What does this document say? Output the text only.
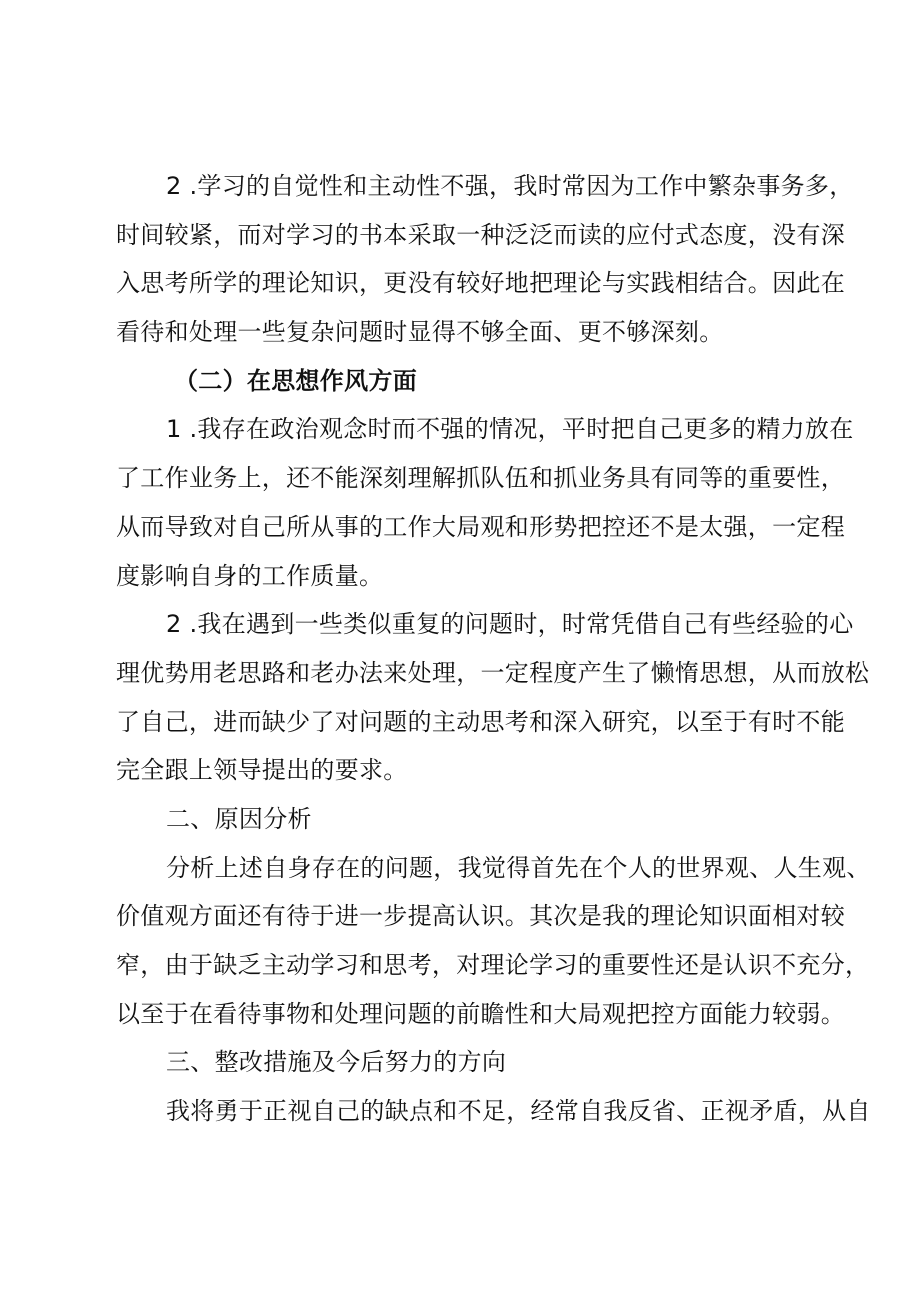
2 .学习的自觉性和主动性不强，我时常因为工作中繁杂事务多，
时间较紧，而对学习的书本采取一种泛泛而读的应付式态度，没有深
入思考所学的理论知识，更没有较好地把理论与实践相结合。因此在
看待和处理一些复杂问题时显得不够全面、更不够深刻。
（二）在思想作风方面
1 .我存在政治观念时而不强的情况，平时把自己更多的精力放在
了工作业务上，还不能深刻理解抓队伍和抓业务具有同等的重要性，
从而导致对自己所从事的工作大局观和形势把控还不是太强，一定程
度影响自身的工作质量。
2 .我在遇到一些类似重复的问题时，时常凭借自己有些经验的心
理优势用老思路和老办法来处理，一定程度产生了懒惰思想，从而放松
了自己，进而缺少了对问题的主动思考和深入研究，以至于有时不能
完全跟上领导提出的要求。
二、原因分析
分析上述自身存在的问题，我觉得首先在个人的世界观、人生观、
价值观方面还有待于进一步提高认识。其次是我的理论知识面相对较
窄，由于缺乏主动学习和思考，对理论学习的重要性还是认识不充分，
以至于在看待事物和处理问题的前瞻性和大局观把控方面能力较弱。
三、整改措施及今后努力的方向
我将勇于正视自己的缺点和不足，经常自我反省、正视矛盾，从自
